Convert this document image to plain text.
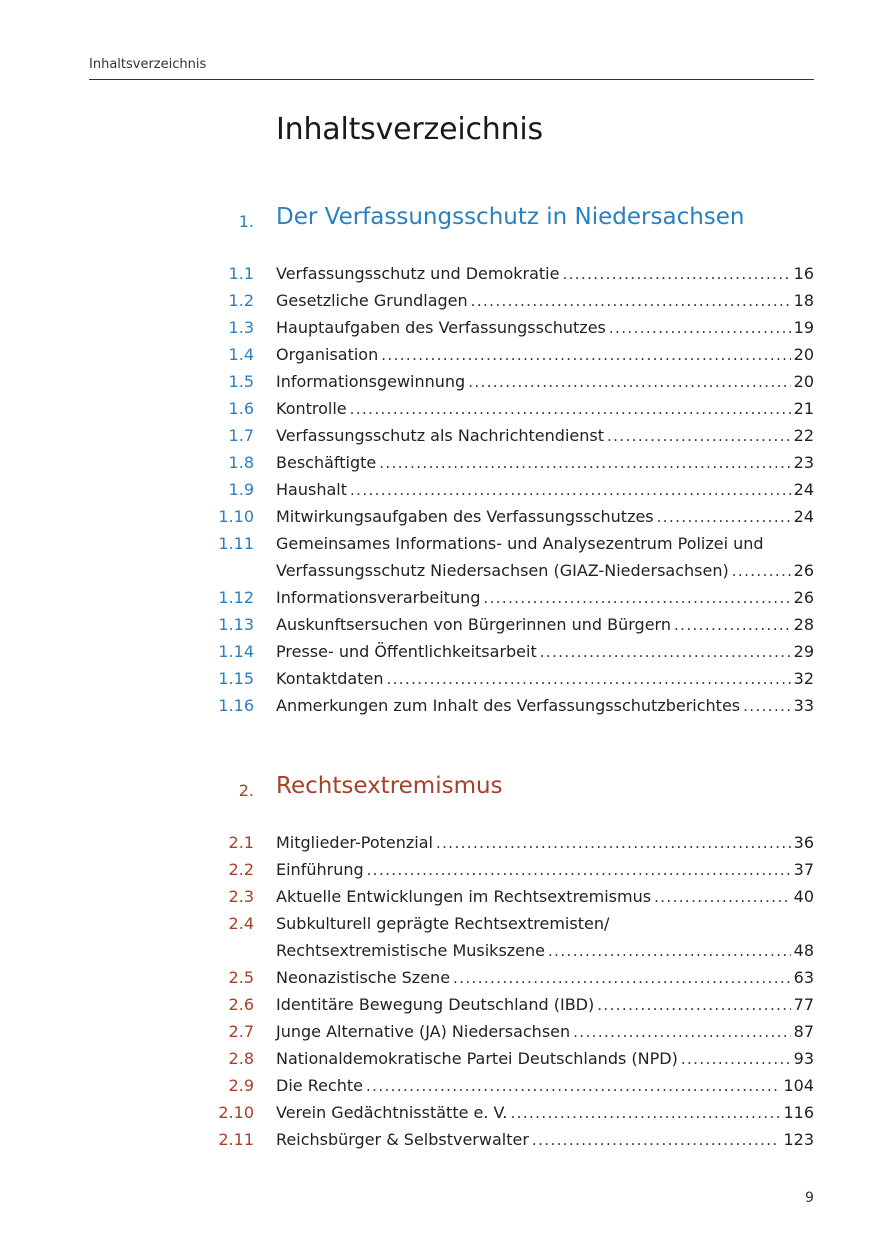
Inhaltsverzeichnis
Inhaltsverzeichnis
1. Der Verfassungsschutz in Niedersachsen
1.1 Verfassungsschutz und Demokratie .....	16
1.2 Gesetzliche Grundlagen .....	18
1.3 Hauptaufgaben des Verfassungsschutzes .....	19
1.4 Organisation .....	20
1.5 Informationsgewinnung .....	20
1.6 Kontrolle .....	21
1.7 Verfassungsschutz als Nachrichtendienst .....	22
1.8 Beschäftigte .....	23
1.9 Haushalt .....	24
1.10 Mitwirkungsaufgaben des Verfassungsschutzes .....	24
1.11 Gemeinsames Informations- und Analysezentrum Polizei und
Verfassungsschutz Niedersachsen (GIAZ-Niedersachsen) .....	26
1.12 Informationsverarbeitung .....	26
1.13 Auskunftsersuchen von Bürgerinnen und Bürgern .....	28
1.14 Presse- und Öffentlichkeitsarbeit .....	29
1.15 Kontaktdaten .....	32
1.16 Anmerkungen zum Inhalt des Verfassungsschutzberichtes .....	33
2. Rechtsextremismus
2.1 Mitglieder-Potenzial .....	36
2.2 Einführung .....	37
2.3 Aktuelle Entwicklungen im Rechtsextremismus .....	40
2.4 Subkulturell geprägte Rechtsextremisten/
Rechtsextremistische Musikszene .....	48
2.5 Neonazistische Szene .....	63
2.6 Identitäre Bewegung Deutschland (IBD) .....	77
2.7 Junge Alternative (JA) Niedersachsen .....	87
2.8 Nationaldemokratische Partei Deutschlands (NPD) .....	93
2.9 Die Rechte .....	104
2.10 Verein Gedächtnisstätte e. V. .....	116
2.11 Reichsbürger & Selbstverwalter .....	123
9
